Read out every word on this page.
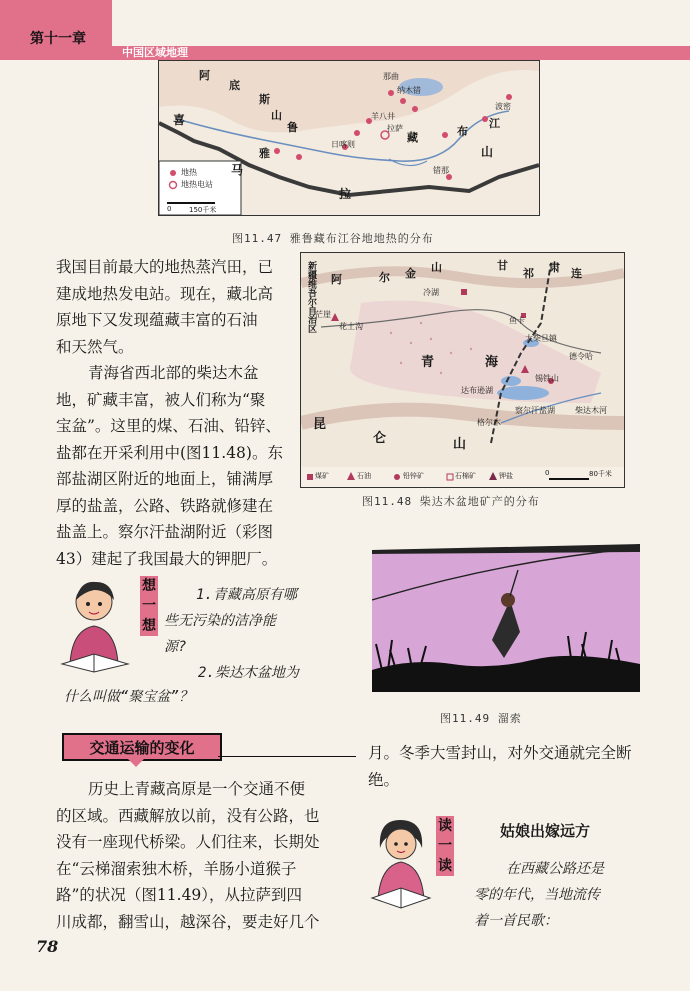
第十一章
中国区域地理
阿
底
斯
山
喜
雅
鲁
藏	布
江
马
拉
山
那曲
纳木错
羊八井
日喀则
拉萨
波密
错那
地热
地热电站
0	150千米
图11.47 雅鲁藏布江谷地地热的分布
我国目前最大的地热蒸汽田，已
建成地热发电站。现在，藏北高
原地下又发现蕴藏丰富的石油
和天然气。
青海省西北部的柴达木盆
地，矿藏丰富，被人们称为“聚
宝盆”。这里的煤、石油、铅锌、
盐都在开采利用中(图11.48)。东
部盐湖区附近的地面上，铺满厚
厚的盐盖，公路、铁路就修建在
盐盖上。察尔汗盐湖附近（彩图
43）建起了我国最大的钾肥厂。
新疆维吾尔自治区 阿	尔 金 山	甘	肃
祁	连
冷湖
茫崖
花土沟
青	海
鱼卡
大柴旦镇
德令哈
锡铁山
达布逊湖
察尔汗盐湖
格尔木
柴达木河
昆
仑	山
煤矿	石油	铅锌矿	石棉矿	钾盐	0	80千米
图11.48 柴达木盆地矿产的分布
想
一
想
1.青藏高原有哪
些无污染的洁净能
源?
2.柴达木盆地为
什么叫做“聚宝盆”？
图11.49 溜索
交通运输的变化
历史上青藏高原是一个交通不便
的区域。西藏解放以前，没有公路，也
没有一座现代桥梁。人们往来，长期处
在“云梯溜索独木桥，羊肠小道猴子
路”的状况（图11.49），从拉萨到四
川成都，翻雪山，越深谷，要走好几个
月。冬季大雪封山，对外交通就完全断
绝。
读
一
读
姑娘出嫁远方
在西藏公路还是
零的年代，当地流传
着一首民歌：
78
